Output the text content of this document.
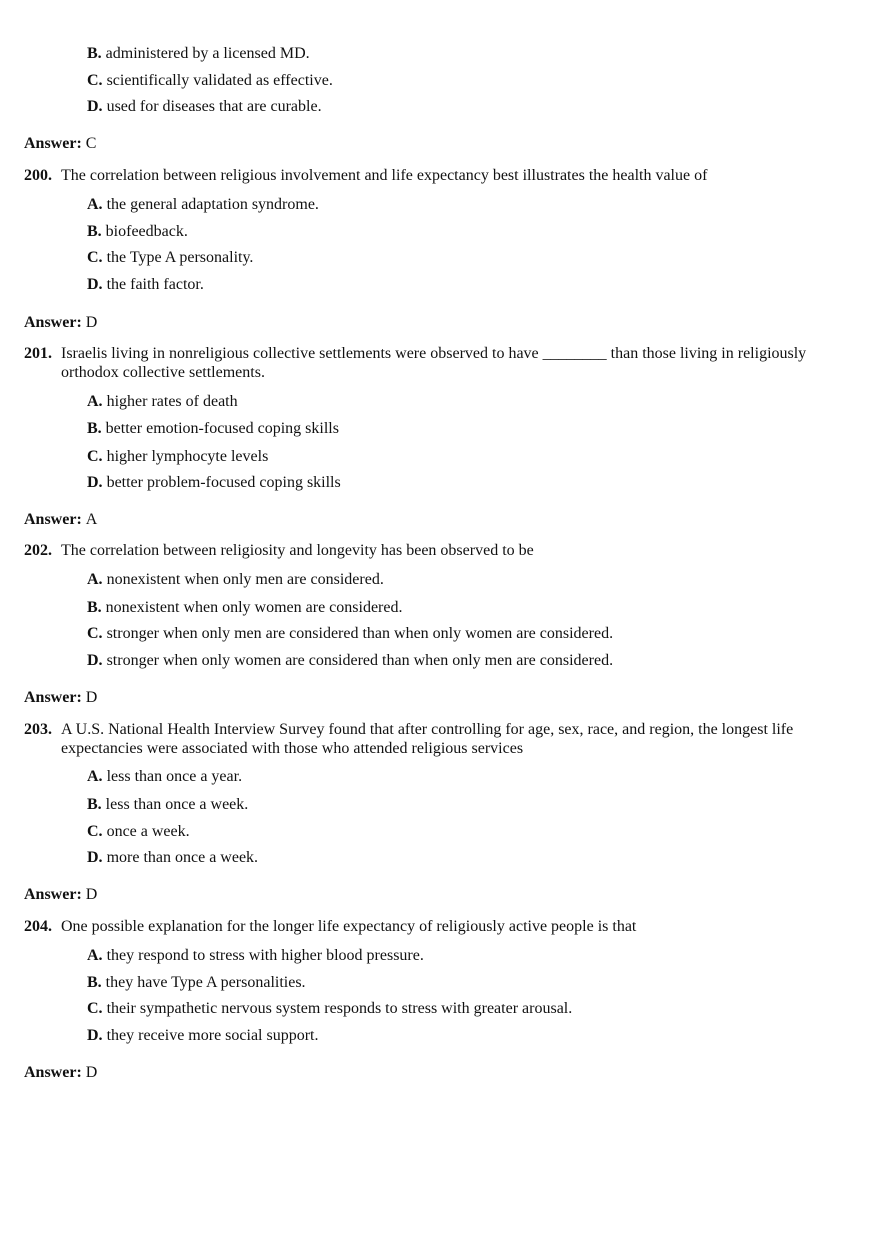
B. administered by a licensed MD.
C. scientifically validated as effective.
D. used for diseases that are curable.
Answer: C
200. The correlation between religious involvement and life expectancy best illustrates the health value of
A. the general adaptation syndrome.
B. biofeedback.
C. the Type A personality.
D. the faith factor.
Answer: D
201. Israelis living in nonreligious collective settlements were observed to have ________ than those living in religiously orthodox collective settlements.
A. higher rates of death
B. better emotion-focused coping skills
C. higher lymphocyte levels
D. better problem-focused coping skills
Answer: A
202. The correlation between religiosity and longevity has been observed to be
A. nonexistent when only men are considered.
B. nonexistent when only women are considered.
C. stronger when only men are considered than when only women are considered.
D. stronger when only women are considered than when only men are considered.
Answer: D
203. A U.S. National Health Interview Survey found that after controlling for age, sex, race, and region, the longest life expectancies were associated with those who attended religious services
A. less than once a year.
B. less than once a week.
C. once a week.
D. more than once a week.
Answer: D
204. One possible explanation for the longer life expectancy of religiously active people is that
A. they respond to stress with higher blood pressure.
B. they have Type A personalities.
C. their sympathetic nervous system responds to stress with greater arousal.
D. they receive more social support.
Answer: D
